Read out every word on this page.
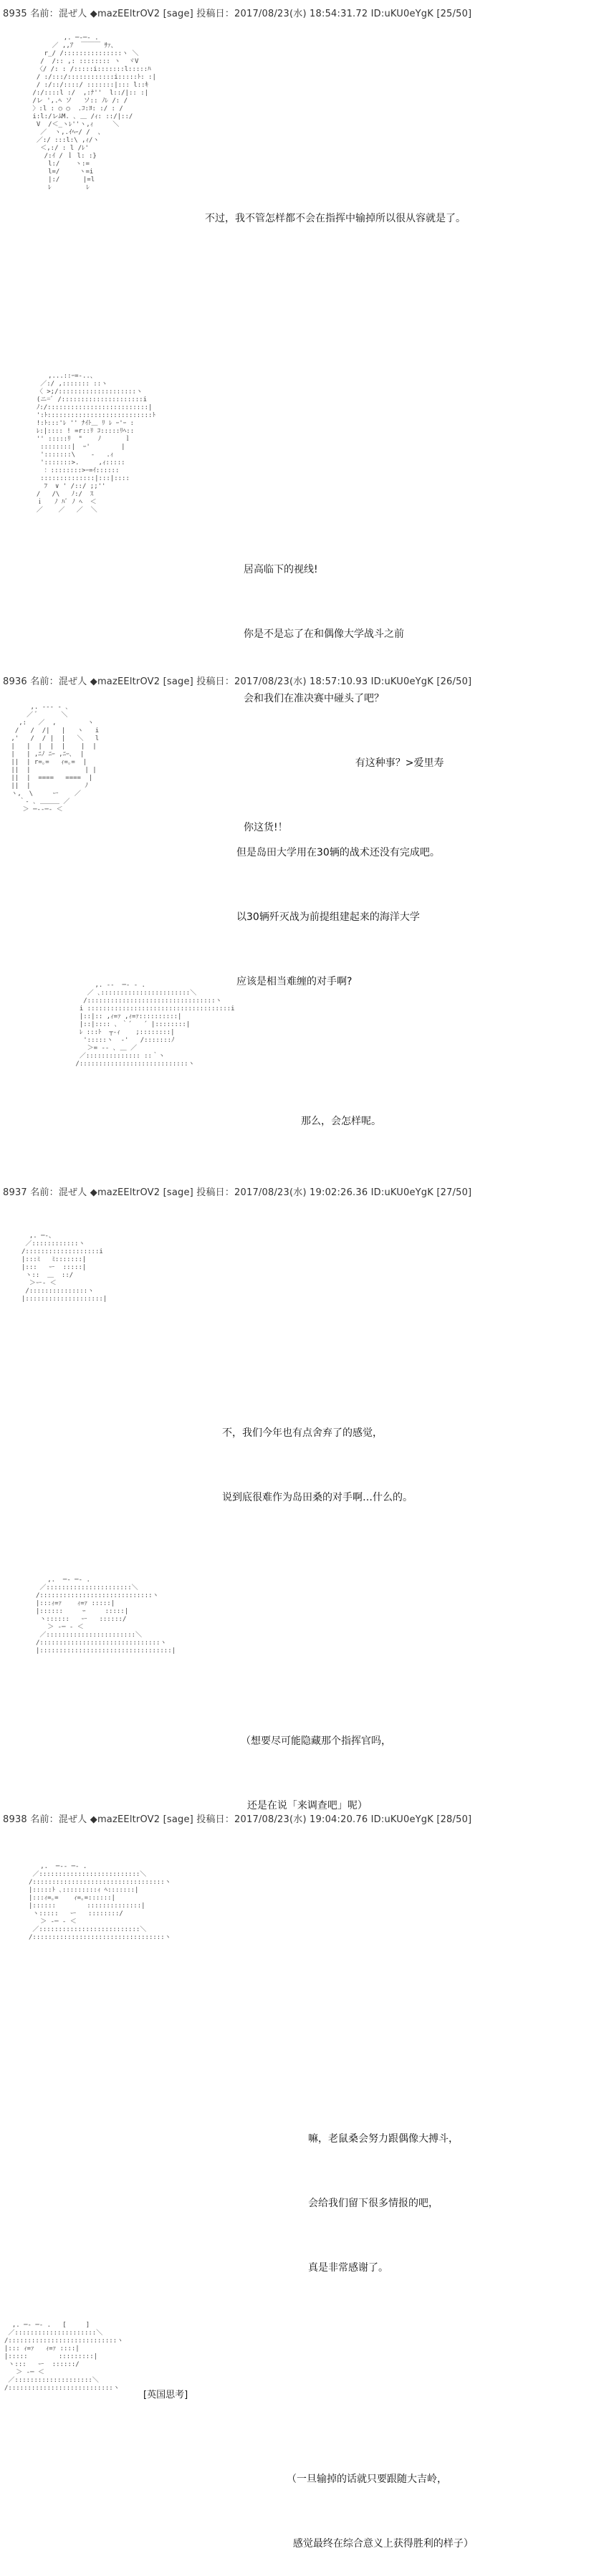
8935 名前：混ぜ人 ◆mazEEltrOV2 [sage] 投稿日：2017/08/23(水) 18:54:31.72 ID:uKU0eYgK [25/50]
,. ─‐─- .
／ ,,ｱ  ￣￣￣ ｻｧ、
r_/ /:::::::::::::::ヽ ＼
/  /:: ,: :::::::: ヽ  ヾV
〈/ /: : /:::::i:::::::l:::::ﾊ
/ :/:::/::::::::::::i:::::ﾄ: :|
/ :/::/::::/ :::::::|::: l::ｷ
/:/::::l :/  ,:ﾅ''  l::/|:: :|
/レ ',.ﾍ ソ   ソ:: ﾉﾚ /: /
〉:l : ○ ○  .ｺ:ﾖ: :/ : /
i:l:/レﾑM. ､ ＿ /ｨ: ::/|::/
V  /＜_ヽﾚ''ヽ,ｨ     ＼
／  ヽ,.ｲﾍｰ/ /  、
／:/ :::l:\ ,ｨ/ヽ
＜,:/ : l /ﾚ'
/:ｲ / ｌ l: :}
l:/    ヽ:=
l=/     ヽ=i
|:/      |=l
ﾚ         ﾚ

不过，我不管怎样都不会在指挥中输掉所以很从容就是了。

,...::ｰ=‐..、
／:/ ,::::::: ::ヽ
〈 >;/::::::::::::::::::::ヽ
(ニ=ﾞ /:::::::::::::::::::::i
ﾉ:/::::::::::::::::::::::::::|
':ﾄ:::::::::::::::::::::::::::ﾄ
!:ﾄ:::'ﾚ '' ﾅｲﾄ＿ ﾘ ﾚ ｰ'ｰ :
ﾚ:|:::: ! =r::ﾘ ｺ:::::ﾘﾍ::
'' :::::ﾘ  "    ﾉ      ｌ
::::::::|  ｰ'        |
':::::::\    ‐   .ｨ
':::::::>.     ,ｨ:::::
：::::::::>ｰ=ｲ::::::
::::::::::::::|:::|::::
ﾌ  ∨ ' /::/ ;;''
/   /\   ﾉ:/  ｽ
ｉ   ﾉ ﾊﾞ ﾉ ﾍ  ＜
／    ／   ／  ＼

居高临下的视线!

你是不是忘了在和偶像大学战斗之前

会和我们在准决赛中碰头了吧？

有这种事？>爱里寿

你这货!！

8936 名前：混ぜ人 ◆mazEEltrOV2 [sage] 投稿日：2017/08/23(水) 18:57:10.93 ID:uKU0eYgK [26/50]
,. --‐ ‐ ､
／ ﾞ      ＼
,:   ／  ,        ヽ
/   /  /|   |   ヽ   i
,'   /  / |  |   ＼   l
|   |  |  |  |    |  |
|   | ,ﾆﾉ ﾆｰ ,ﾆｰ､  |
||  | r=｡=   ｨ=｡=  |
||  |              | |
||  |  ====   ====  |
||  |              ﾉ
ヽ,  \     ー    ／
｀‐ ､ ＿＿＿ ／
＞ ─‐‐─‐ ＜

但是岛田大学用在30辆的战术还没有完成吧。

以30辆歼灭战为前提组建起来的海洋大学

应该是相当难缠的对手啊?

,. -‐  ─‐ - .
／ ､:::::::::::::::::::::::＼
/:::::::::::::::::::::::::::::::::ヽ
i :::::::::::::::::::::::::::::::::::::i
|::|:: ,ｨ=ｧ ,ｨ=ｧ::::::::::|
|::|:::: ､ ｀´   ´ |::::::::|
ﾚ :::ﾄ  ┬‐ｨ    ;::::::::|
':::::ヽ  ‐'   /:::::::ﾉ
＞= ‐- ､ ＿ ／
／:::::::::::::: ::｀ヽ
/::::::::::::::::::::::::::::ヽ

那么，会怎样呢。

8937 名前：混ぜ人 ◆mazEEltrOV2 [sage] 投稿日：2017/08/23(水) 19:02:26.36 ID:uKU0eYgK [27/50]
,. ─-、
／::::::::::::ヽ
/:::::::::::::::::::i
|:::ﾐ   ﾐ:::::::|
|:::   ー  :::::|
ヽ::  ＿  ::/
＞ー‐ ＜
/:::::::::::::::ヽ
|::::::::::::::::::::|

不，我们今年也有点舍弃了的感觉，

说到底很难作为岛田桑的对手啊…什么的。

,.  ─‐ ─- .
／::::::::::::::::::::::＼
/:::::::::::::::::::::::::::::ヽ
|:::ｨ=ｧ    ｨ=ｧ :::::|
|::::::     ｰ     :::::|
ヽ::::::   ー   ::::::/
＞ ‐─ ‐ ＜
／:::::::::::::::::::::::＼
/:::::::::::::::::::::::::::::::ヽ
|::::::::::::::::::::::::::::::::::|

（想要尽可能隐藏那个指挥官吗，

还是在说「来调查吧」呢）

8938 名前：混ぜ人 ◆mazEEltrOV2 [sage] 投稿日：2017/08/23(水) 19:04:20.76 ID:uKU0eYgK [28/50]
,.  ─-‐ ─- .
／::::::::::::::::::::::::::＼
/::::::::::::::::::::::::::::::::::ヽ
|:::::ﾄ ､:::::::::ｨ ﾍ:::::::|
|:::ｨ=｡=    ｨ=｡=::::::|
|::::::        ::::::::::::::|
ヽ:::::   ー   ::::::::/
＞ ‐─ ‐ ＜
／::::::::::::::::::::::::::＼
/::::::::::::::::::::::::::::::::::ヽ

嘛，老鼠桑会努力跟偶像大搏斗，

会给我们留下很多情报的吧，

真是非常感谢了。

,. ─‐ ─- .   [     ]
／:::::::::::::::::::::＼
/::::::::::::::::::::::::::::ヽ
|::: ｨ=ｧ   ｨ=ｧ ::::|
|:::::        :::::::::|
ヽ:::   ー  ::::::/
＞ ‐─ ＜
／::::::::::::::::::::＼
/:::::::::::::::::::::::::::ヽ

[英国思考]

（一旦输掉的话就只要跟随大吉岭，

感觉最终在综合意义上获得胜利的样子）
